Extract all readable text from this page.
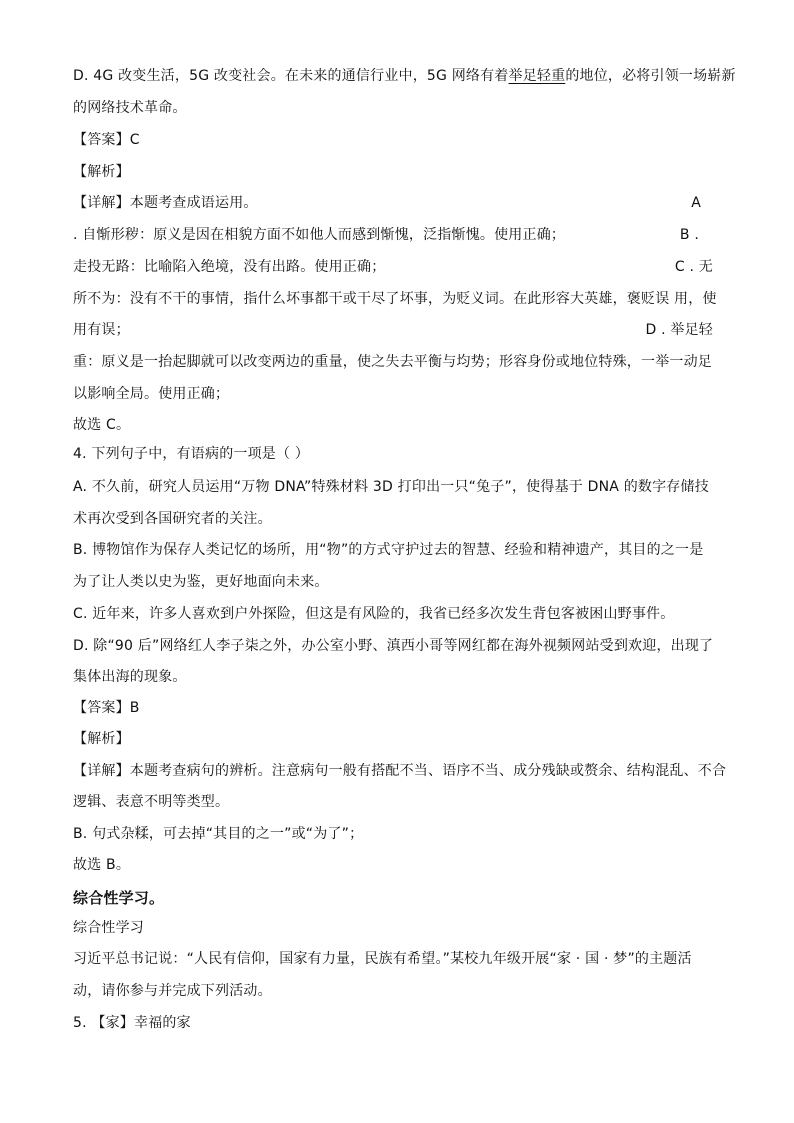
D. 4G 改变生活，5G 改变社会。在未来的通信行业中，5G 网络有着举足轻重的地位，必将引领一场崭新
的网络技术革命。
【答案】C
【解析】
【详解】本题考查成语运用。	A
. 自惭形秽：原义是因在相貌方面不如他人而感到惭愧，泛指惭愧。使用正确；	B .
走投无路：比喻陷入绝境，没有出路。使用正确；	C . 无
所不为：没有不干的事情，指什么坏事都干或干尽了坏事，为贬义词。在此形容大英雄，褒贬误 用，使
用有误；	D . 举足轻
重：原义是一抬起脚就可以改变两边的重量，使之失去平衡与均势；形容身份或地位特殊，一举一动足
以影响全局。使用正确；
故选 C。
4. 下列句子中，有语病的一项是（ ）
A. 不久前，研究人员运用“万物 DNA”特殊材料 3D 打印出一只“兔子”，使得基于 DNA 的数字存储技
术再次受到各国研究者的关注。
B. 博物馆作为保存人类记忆的场所，用“物”的方式守护过去的智慧、经验和精神遗产，其目的之一是
为了让人类以史为鉴，更好地面向未来。
C. 近年来，许多人喜欢到户外探险，但这是有风险的，我省已经多次发生背包客被困山野事件。
D. 除“90 后”网络红人李子柒之外，办公室小野、滇西小哥等网红都在海外视频网站受到欢迎，出现了
集体出海的现象。
【答案】B
【解析】
【详解】本题考查病句的辨析。注意病句一般有搭配不当、语序不当、成分残缺或赘余、结构混乱、不合
逻辑、表意不明等类型。
B. 句式杂糅，可去掉“其目的之一”或“为了”；
故选 B。
综合性学习。
综合性学习
习近平总书记说：“人民有信仰，国家有力量，民族有希望。”某校九年级开展“家 · 国 · 梦”的主题活
动，请你参与并完成下列活动。
5. 【家】幸福的家
